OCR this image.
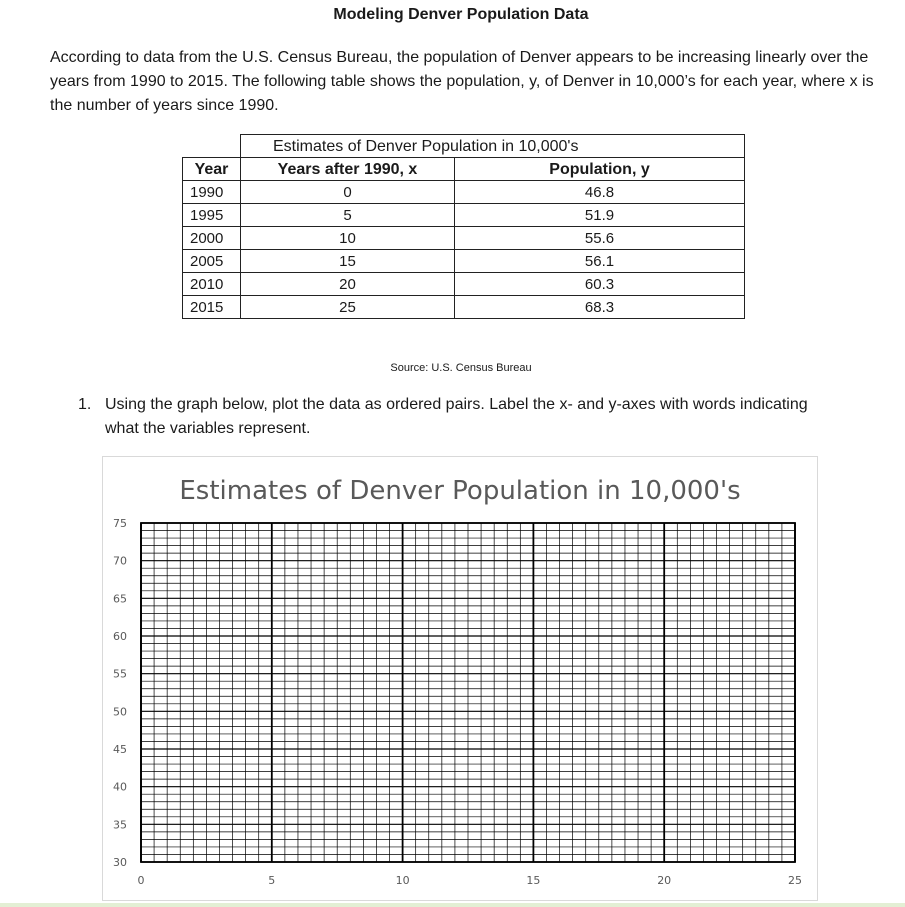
Modeling Denver Population Data

According to data from the U.S. Census Bureau, the population of Denver appears to be increasing linearly over the years from 1990 to 2015. The following table shows the population, y, of Denver in 10,000’s for each year, where x is the number of years since 1990.

	Estimates of Denver Population in 10,000's	
Year	Years after 1990, x	Population, y
1990	0	46.8
1995	5	51.9
2000	10	55.6
2005	15	56.1
2010	20	60.3
2015	25	68.3
Source: U.S. Census Bureau
1. Using the graph below, plot the data as ordered pairs. Label the x- and y-axes with words indicating what the variables represent.
Estimates of Denver Population in 10,000's
30
35
40
45
50
55
60
65
70
75
0	5	10	15	20	25
